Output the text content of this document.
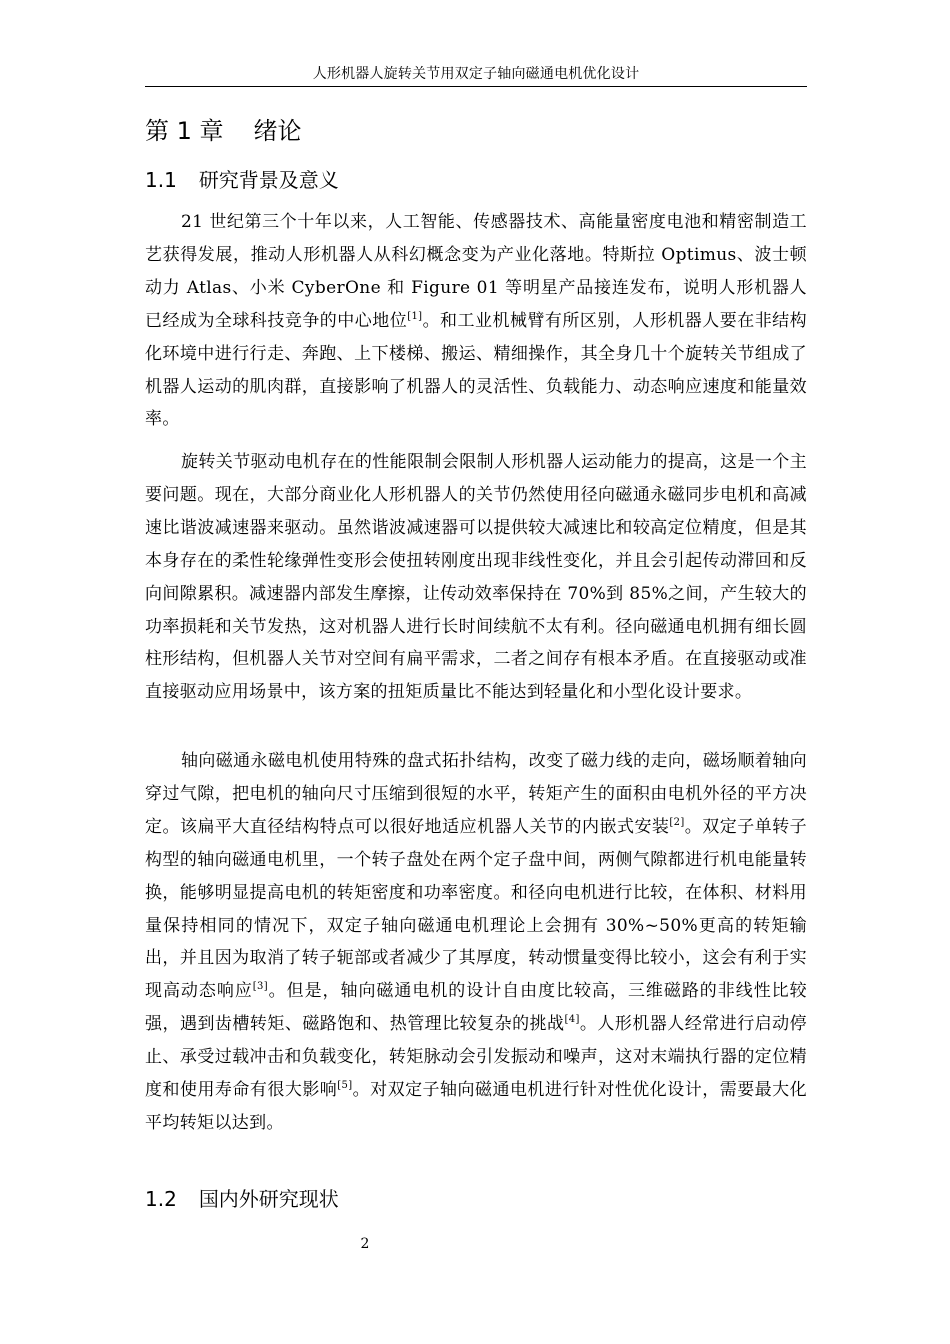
人形机器人旋转关节用双定子轴向磁通电机优化设计
第 1 章 绪论
1.1 研究背景及意义

21 世纪第三个十年以来，人工智能、传感器技术、高能量密度电池和精密制造工艺获得发展，推动人形机器人从科幻概念变为产业化落地。特斯拉 Optimus、波士顿动力 Atlas、小米 CyberOne 和 Figure 01 等明星产品接连发布，说明人形机器人已经成为全球科技竞争的中心地位[1]。和工业机械臂有所区别，人形机器人要在非结构化环境中进行行走、奔跑、上下楼梯、搬运、精细操作，其全身几十个旋转关节组成了机器人运动的肌肉群，直接影响了机器人的灵活性、负载能力、动态响应速度和能量效率。

旋转关节驱动电机存在的性能限制会限制人形机器人运动能力的提高，这是一个主要问题。现在，大部分商业化人形机器人的关节仍然使用径向磁通永磁同步电机和高减速比谐波减速器来驱动。虽然谐波减速器可以提供较大减速比和较高定位精度，但是其本身存在的柔性轮缘弹性变形会使扭转刚度出现非线性变化，并且会引起传动滞回和反向间隙累积。减速器内部发生摩擦，让传动效率保持在 70%到 85%之间，产生较大的功率损耗和关节发热，这对机器人进行长时间续航不太有利。径向磁通电机拥有细长圆柱形结构，但机器人关节对空间有扁平需求，二者之间存有根本矛盾。在直接驱动或准直接驱动应用场景中，该方案的扭矩质量比不能达到轻量化和小型化设计要求。

轴向磁通永磁电机使用特殊的盘式拓扑结构，改变了磁力线的走向，磁场顺着轴向穿过气隙，把电机的轴向尺寸压缩到很短的水平，转矩产生的面积由电机外径的平方决定。该扁平大直径结构特点可以很好地适应机器人关节的内嵌式安装[2]。双定子单转子构型的轴向磁通电机里，一个转子盘处在两个定子盘中间，两侧气隙都进行机电能量转换，能够明显提高电机的转矩密度和功率密度。和径向电机进行比较，在体积、材料用量保持相同的情况下，双定子轴向磁通电机理论上会拥有 30%~50%更高的转矩输出，并且因为取消了转子轭部或者减少了其厚度，转动惯量变得比较小，这会有利于实现高动态响应[3]。但是，轴向磁通电机的设计自由度比较高，三维磁路的非线性比较强，遇到齿槽转矩、磁路饱和、热管理比较复杂的挑战[4]。人形机器人经常进行启动停止、承受过载冲击和负载变化，转矩脉动会引发振动和噪声，这对末端执行器的定位精度和使用寿命有很大影响[5]。对双定子轴向磁通电机进行针对性优化设计，需要最大化平均转矩以达到。

1.2 国内外研究现状
2
